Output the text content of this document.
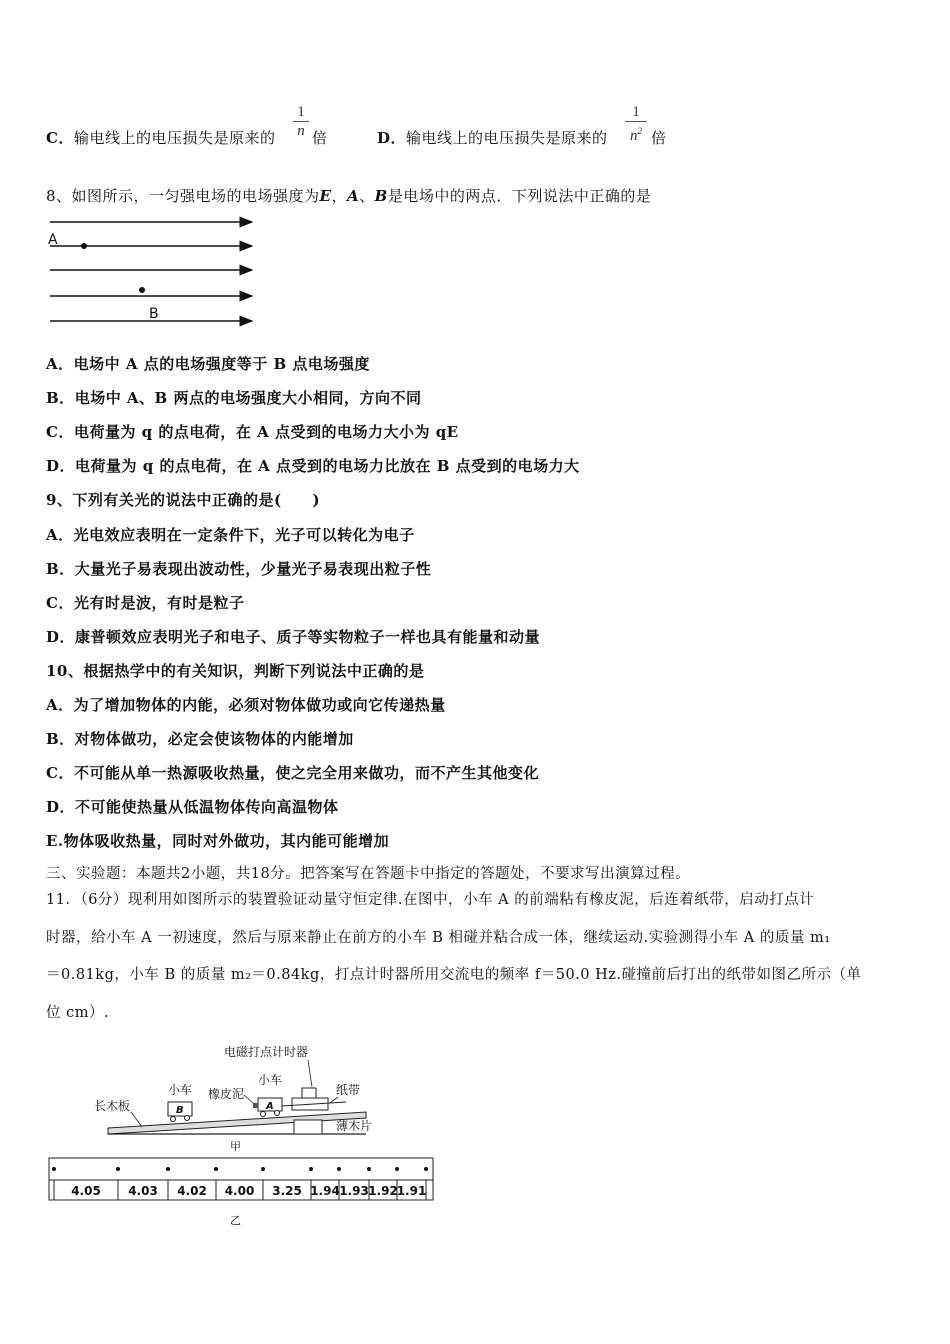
C．输电线上的电压损失是原来的
1
n 倍	D．输电线上的电压损失是原来的
1
$n^2$ 倍
8、如图所示，一匀强电场的电场强度为E，A、B是电场中的两点．下列说法中正确的是
A
B
A．电场中 A 点的电场强度等于 B 点电场强度
B．电场中 A、B 两点的电场强度大小相同，方向不同
C．电荷量为 q 的点电荷，在 A 点受到的电场力大小为 qE
D．电荷量为 q 的点电荷，在 A 点受到的电场力比放在 B 点受到的电场力大
9、下列有关光的说法中正确的是(　　)
A．光电效应表明在一定条件下，光子可以转化为电子
B．大量光子易表现出波动性，少量光子易表现出粒子性
C．光有时是波，有时是粒子
D．康普顿效应表明光子和电子、质子等实物粒子一样也具有能量和动量
10、根据热学中的有关知识，判断下列说法中正确的是
A．为了增加物体的内能，必须对物体做功或向它传递热量
B．对物体做功，必定会使该物体的内能增加
C．不可能从单一热源吸收热量，使之完全用来做功，而不产生其他变化
D．不可能使热量从低温物体传向高温物体
E.物体吸收热量，同时对外做功，其内能可能增加
三、实验题：本题共2小题，共18分。把答案写在答题卡中指定的答题处，不要求写出演算过程。
11．（6分）现利用如图所示的装置验证动量守恒定律.在图中，小车 A 的前端粘有橡皮泥，后连着纸带，启动打点计
时器，给小车 A 一初速度，然后与原来静止在前方的小车 B 相碰并粘合成一体，继续运动.实验测得小车 A 的质量 m₁
＝0.81kg，小车 B 的质量 m₂＝0.84kg，打点计时器所用交流电的频率 f＝50.0 Hz.碰撞前后打出的纸带如图乙所示（单
位 cm）.
B	A
电磁打点计时器
小车
小车
橡皮泥	纸带
长木板
薄木片
甲
4.05 4.03 4.02 4.00 3.25 1.94 1.93 1.92
1.91
乙
